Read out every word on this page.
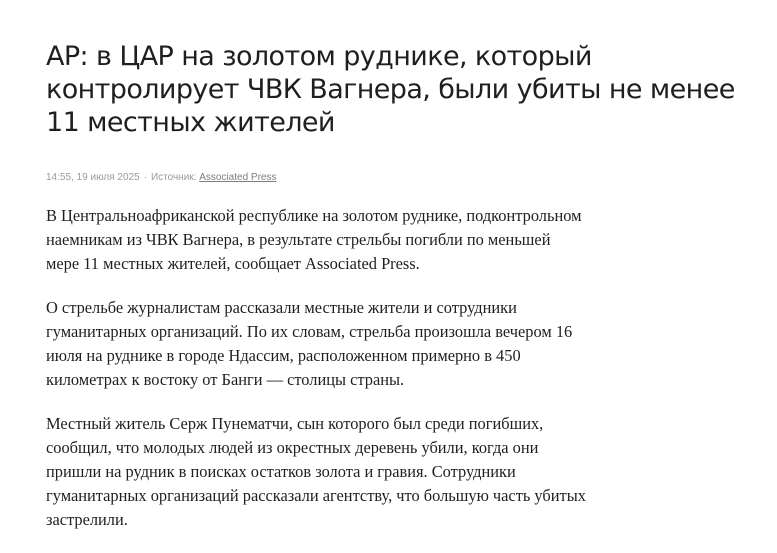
AP: в ЦАР на золотом руднике, который контролирует ЧВК Вагнера, были убиты не менее 11 местных жителей
14:55, 19 июля 2025 · Источник: Associated Press

В Центральноафриканской республике на золотом руднике, подконтрольном наемникам из ЧВК Вагнера, в результате стрельбы погибли по меньшей мере 11 местных жителей, сообщает Associated Press.

О стрельбе журналистам рассказали местные жители и сотрудники гуманитарных организаций. По их словам, стрельба произошла вечером 16 июля на руднике в городе Ндассим, расположенном примерно в 450 километрах к востоку от Банги — столицы страны.

Местный житель Серж Пунематчи, сын которого был среди погибших, сообщил, что молодых людей из окрестных деревень убили, когда они пришли на рудник в поисках остатков золота и гравия. Сотрудники гуманитарных организаций рассказали агентству, что большую часть убитых застрелили.
